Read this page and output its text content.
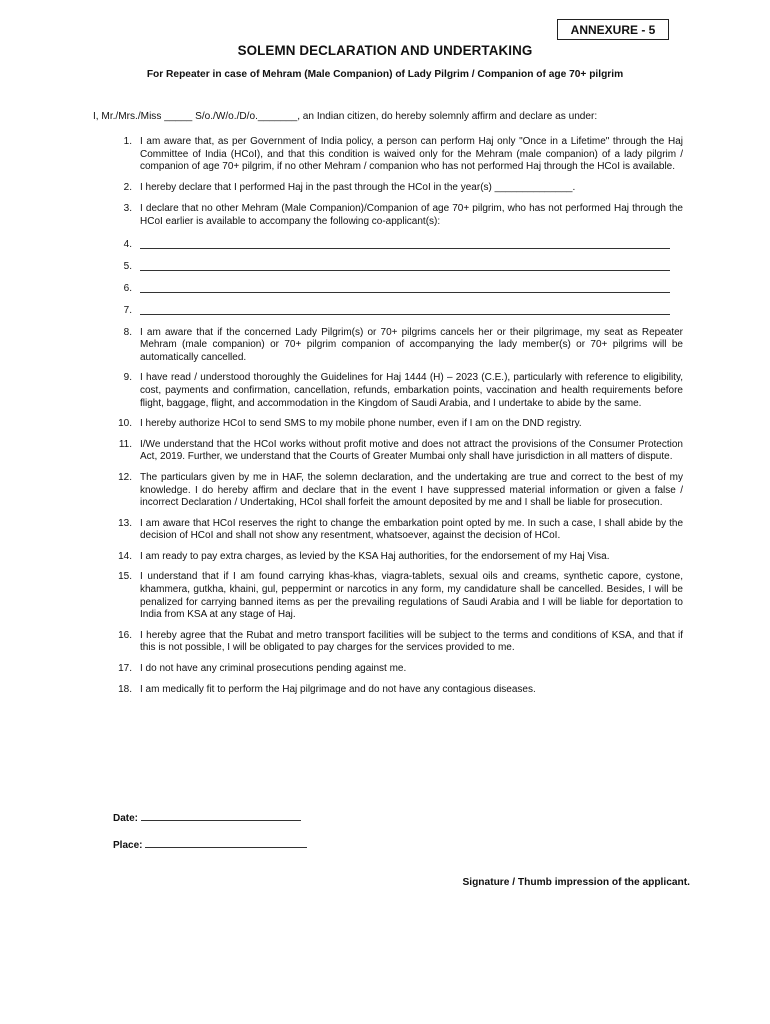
ANNEXURE - 5
SOLEMN DECLARATION AND UNDERTAKING
For Repeater in case of Mehram (Male Companion) of Lady Pilgrim / Companion of age 70+ pilgrim
I, Mr./Mrs./Miss _____ S/o./W/o./D/o._______, an Indian citizen, do hereby solemnly affirm and declare as under:
1. I am aware that, as per Government of India policy, a person can perform Haj only "Once in a Lifetime" through the Haj Committee of India (HCoI), and that this condition is waived only for the Mehram (male companion) of a lady pilgrim / companion of age 70+ pilgrim, if no other Mehram / companion who has not performed Haj through the HCoI is available.
2. I hereby declare that I performed Haj in the past through the HCoI in the year(s) ______________.
3. I declare that no other Mehram (Male Companion)/Companion of age 70+ pilgrim, who has not performed Haj through the HCoI earlier is available to accompany the following co-applicant(s):
4.
5.
6.
7.
8. I am aware that if the concerned Lady Pilgrim(s) or 70+ pilgrims cancels her or their pilgrimage, my seat as Repeater Mehram (male companion) or 70+ pilgrim companion of accompanying the lady member(s) or 70+ pilgrims will be automatically cancelled.
9. I have read / understood thoroughly the Guidelines for Haj 1444 (H) – 2023 (C.E.), particularly with reference to eligibility, cost, payments and confirmation, cancellation, refunds, embarkation points, vaccination and health requirements before flight, baggage, flight, and accommodation in the Kingdom of Saudi Arabia, and I undertake to abide by the same.
10. I hereby authorize HCoI to send SMS to my mobile phone number, even if I am on the DND registry.
11. I/We understand that the HCoI works without profit motive and does not attract the provisions of the Consumer Protection Act, 2019. Further, we understand that the Courts of Greater Mumbai only shall have jurisdiction in all matters of dispute.
12. The particulars given by me in HAF, the solemn declaration, and the undertaking are true and correct to the best of my knowledge. I do hereby affirm and declare that in the event I have suppressed material information or given a false / incorrect Declaration / Undertaking, HCoI shall forfeit the amount deposited by me and I shall be liable for prosecution.
13. I am aware that HCoI reserves the right to change the embarkation point opted by me. In such a case, I shall abide by the decision of HCoI and shall not show any resentment, whatsoever, against the decision of HCoI.
14. I am ready to pay extra charges, as levied by the KSA Haj authorities, for the endorsement of my Haj Visa.
15. I understand that if I am found carrying khas-khas, viagra-tablets, sexual oils and creams, synthetic capore, cystone, khammera, gutkha, khaini, gul, peppermint or narcotics in any form, my candidature shall be cancelled. Besides, I will be penalized for carrying banned items as per the prevailing regulations of Saudi Arabia and I will be liable for deportation to India from KSA at any stage of Haj.
16. I hereby agree that the Rubat and metro transport facilities will be subject to the terms and conditions of KSA, and that if this is not possible, I will be obligated to pay charges for the services provided to me.
17. I do not have any criminal prosecutions pending against me.
18. I am medically fit to perform the Haj pilgrimage and do not have any contagious diseases.
Date:
Place:
Signature / Thumb impression of the applicant.
